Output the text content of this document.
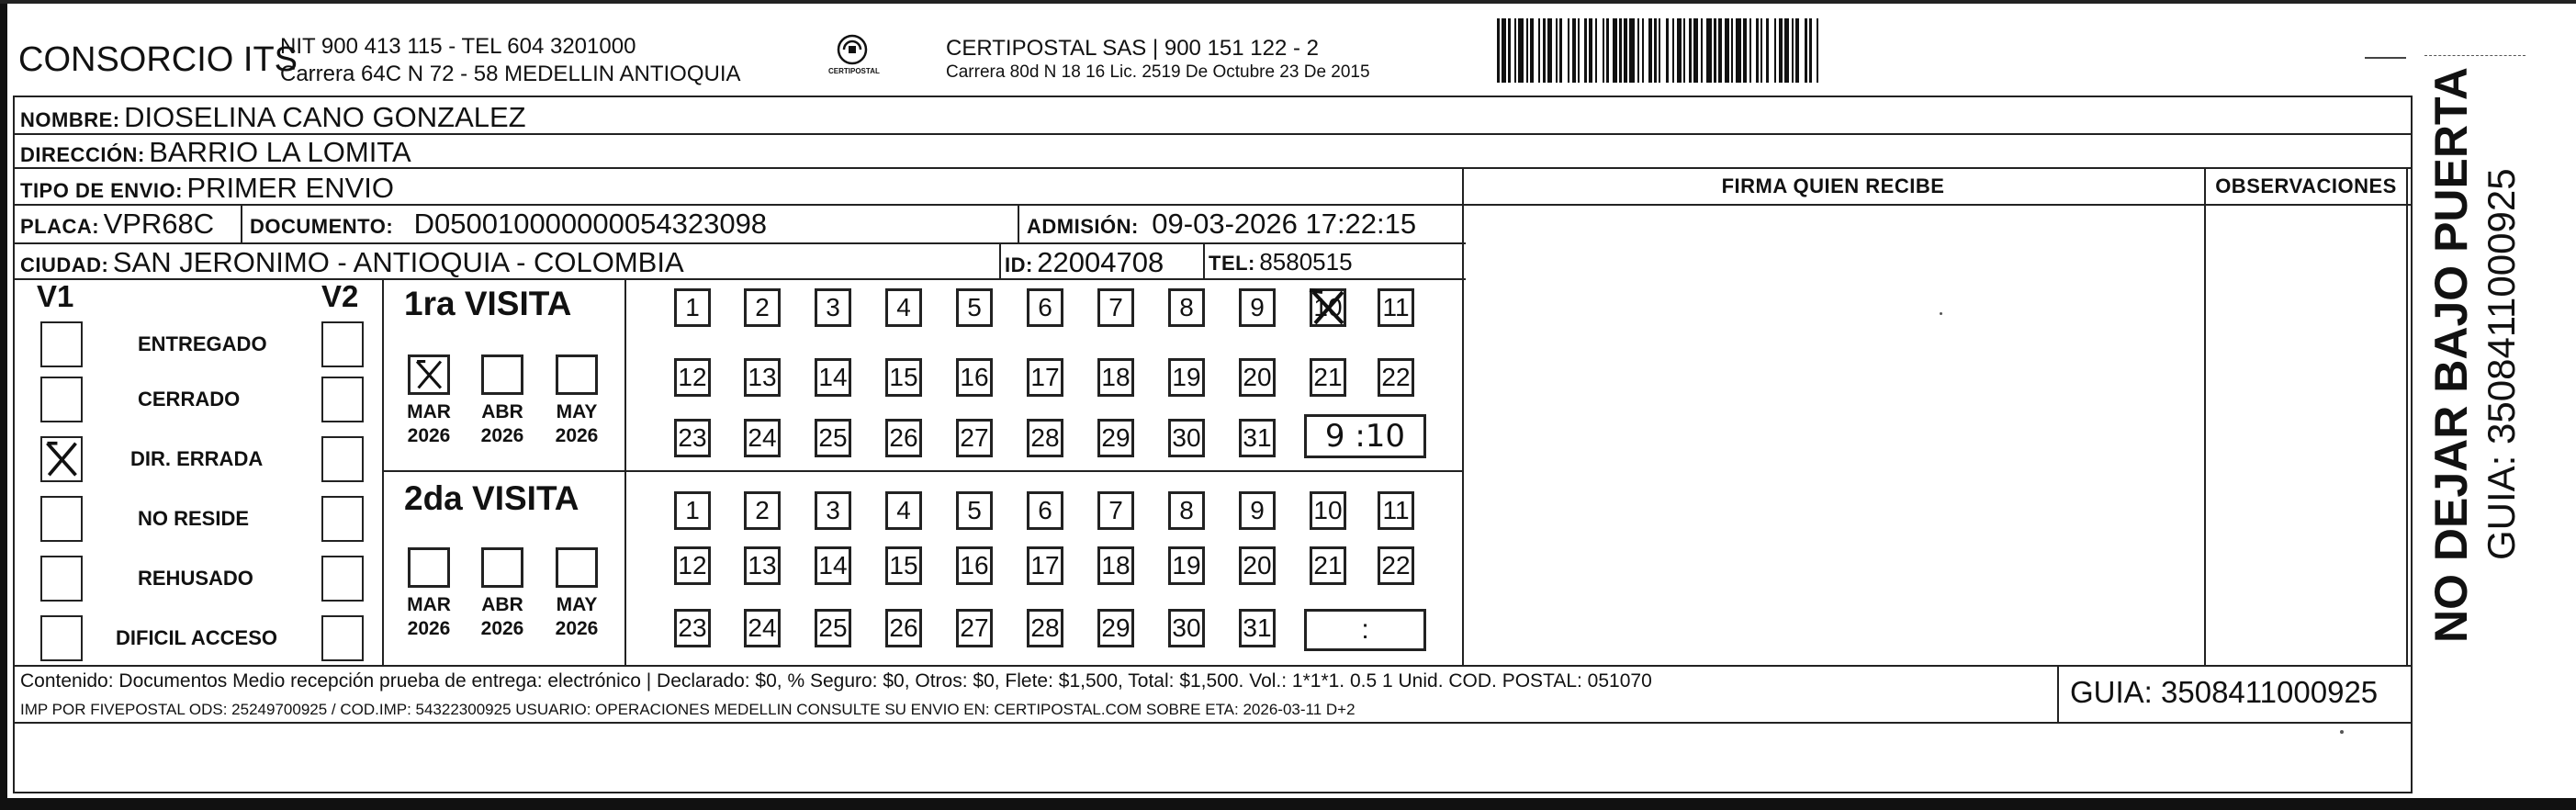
CONSORCIO ITS
NIT 900 413 115 - TEL 604 3201000
Carrera 64C N 72 - 58 MEDELLIN ANTIOQUIA	CERTIPOSTAL
CERTIPOSTAL SAS | 900 151 122 - 2
Carrera 80d N 18 16 Lic. 2519 De Octubre 23 De 2015
NOMBRE: DIOSELINA CANO GONZALEZ
DIRECCIÓN: BARRIO LA LOMITA
TIPO DE ENVIO: PRIMER ENVIO	FIRMA QUIEN RECIBE	OBSERVACIONES
PLACA: VPR68C DOCUMENTO: D050010000000054323098	ADMISIÓN: 09-03-2026 17:22:15
CIUDAD: SAN JERONIMO - ANTIOQUIA - COLOMBIA	ID: 22004708 TEL: 8580515
V1	V2
ENTREGADO
CERRADO
DIR. ERRADA
NO RESIDE
REHUSADO
DIFICIL ACCESO
1ra VISITA
MAR
2026
ABR
2026
MAY
2026
1	2	3	4	5	6	7	8	9	10 11
12 13 14 15 16 17 18 19 20 21 22
23 24 25 26 27 28 29 30 31	9 :10
2da VISITA
MAR
2026
ABR
2026
MAY
2026
1	2	3	4	5	6	7	8	9	10 11
12 13 14 15 16 17 18 19 20 21 22
23 24 25 26 27 28 29 30 31	:
Contenido: Documentos Medio recepción prueba de entrega: electrónico | Declarado: $0, % Seguro: $0, Otros: $0, Flete: $1,500, Total: $1,500. Vol.: 1*1*1. 0.5 1 Unid. COD. POSTAL: 051070
IMP POR FIVEPOSTAL ODS: 25249700925 / COD.IMP: 54322300925 USUARIO: OPERACIONES MEDELLIN CONSULTE SU ENVIO EN: CERTIPOSTAL.COM SOBRE ETA: 2026-03-11 D+2
GUIA: 3508411000925
NO DEJAR BAJO PUERTA GUIA: 3508411000925
